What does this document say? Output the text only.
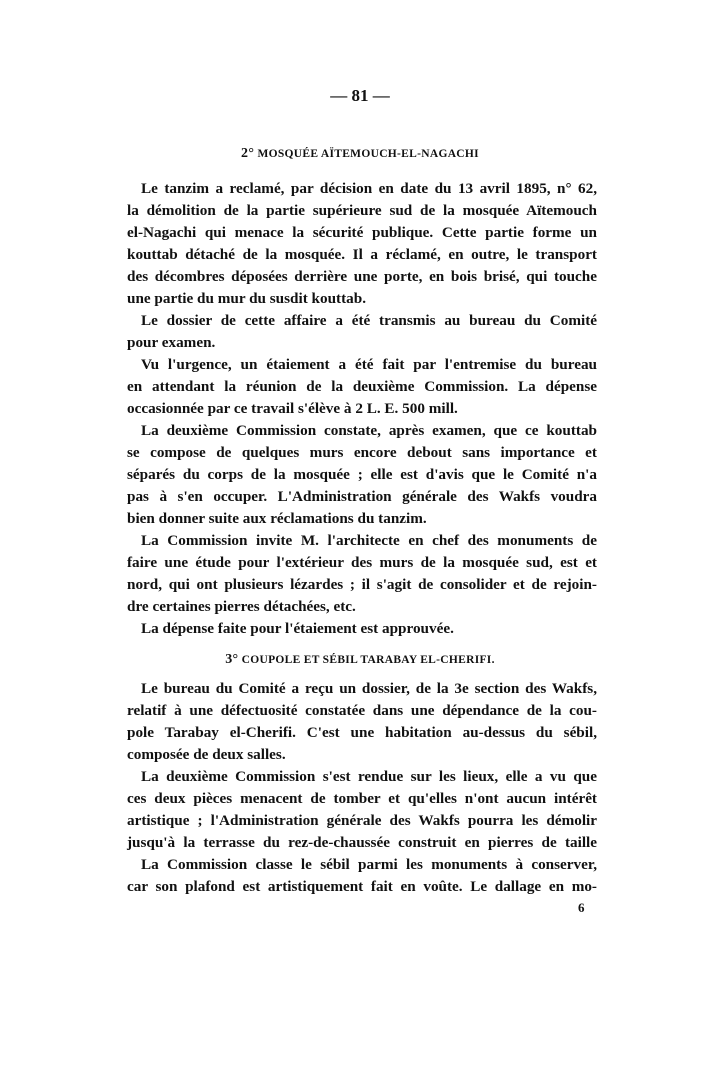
— 81 —
2° MOSQUÉE AÏTEMOUCH-EL-NAGACHI
Le tanzim a reclamé, par décision en date du 13 avril 1895, n° 62,
la démolition de la partie supérieure sud de la mosquée Aïtemouch
el-Nagachi qui menace la sécurité publique. Cette partie forme un
kouttab détaché de la mosquée. Il a réclamé, en outre, le transport
des décombres déposées derrière une porte, en bois brisé, qui touche
une partie du mur du susdit kouttab.
Le dossier de cette affaire a été transmis au bureau du Comité
pour examen.
Vu l'urgence, un étaiement a été fait par l'entremise du bureau
en attendant la réunion de la deuxième Commission. La dépense
occasionnée par ce travail s'élève à 2 L. E. 500 mill.
La deuxième Commission constate, après examen, que ce kouttab
se compose de quelques murs encore debout sans importance et
séparés du corps de la mosquée ; elle est d'avis que le Comité n'a
pas à s'en occuper. L'Administration générale des Wakfs voudra
bien donner suite aux réclamations du tanzim.
La Commission invite M. l'architecte en chef des monuments de
faire une étude pour l'extérieur des murs de la mosquée sud, est et
nord, qui ont plusieurs lézardes ; il s'agit de consolider et de rejoin-
dre certaines pierres détachées, etc.
La dépense faite pour l'étaiement est approuvée.
3° COUPOLE ET SÉBIL TARABAY EL-CHERIFI.
Le bureau du Comité a reçu un dossier, de la 3e section des Wakfs,
relatif à une défectuosité constatée dans une dépendance de la cou-
pole Tarabay el-Cherifi. C'est une habitation au-dessus du sébil,
composée de deux salles.
La deuxième Commission s'est rendue sur les lieux, elle a vu que
ces deux pièces menacent de tomber et qu'elles n'ont aucun intérêt
artistique ; l'Administration générale des Wakfs pourra les démolir
jusqu'à la terrasse du rez-de-chaussée construit en pierres de taille
La Commission classe le sébil parmi les monuments à conserver,
car son plafond est artistiquement fait en voûte. Le dallage en mo-
6
